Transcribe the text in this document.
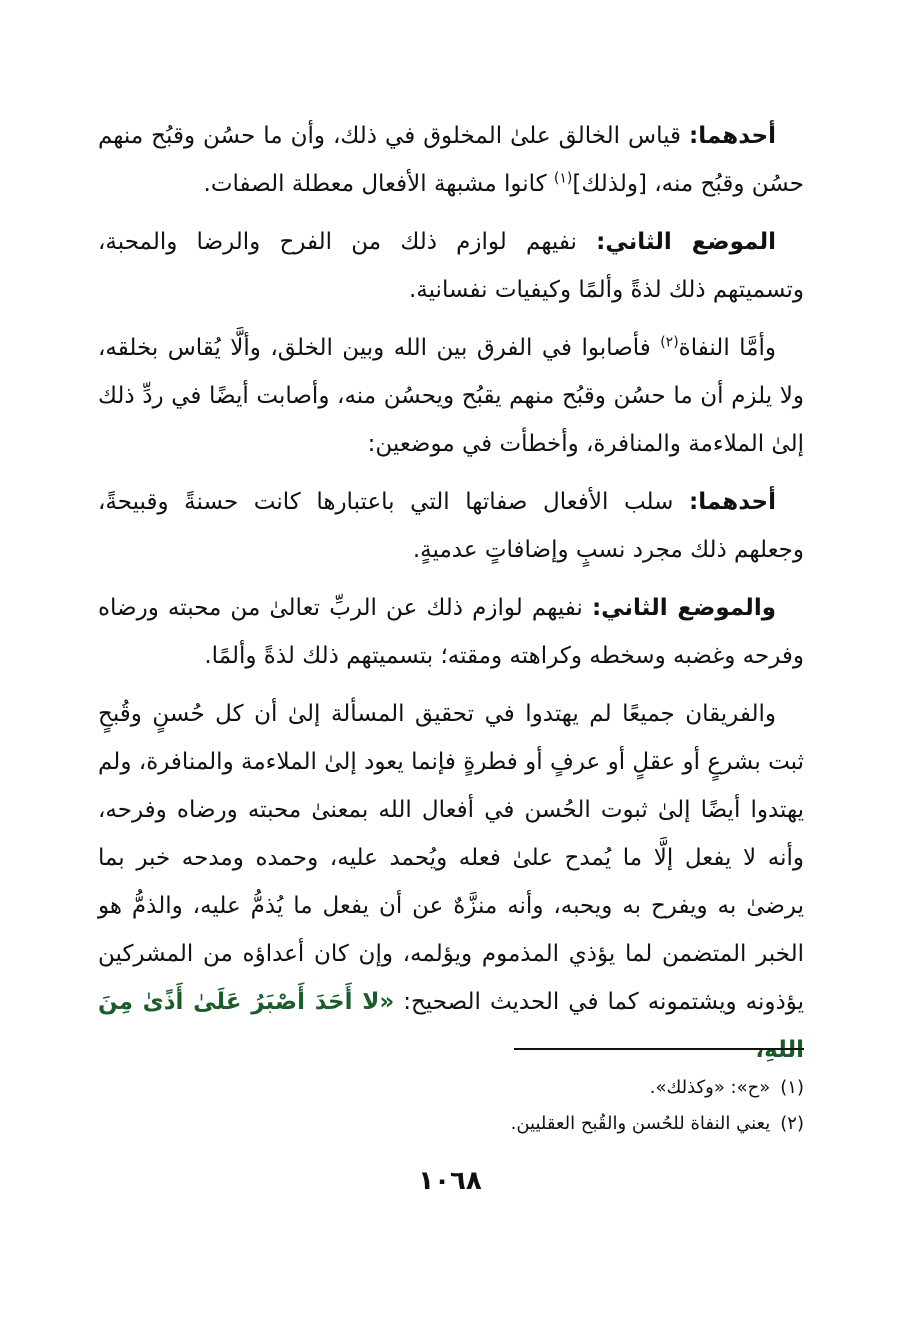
أحدهما: قياس الخالق علىٰ المخلوق في ذلك، وأن ما حسُن وقبُح منهم حسُن وقبُح منه، [ولذلك]$^{(١)}$ كانوا مشبهة الأفعال معطلة الصفات.

الموضع الثاني: نفيهم لوازم ذلك من الفرح والرضا والمحبة، وتسميتهم ذلك لذةً وألمًا وكيفيات نفسانية.

وأمَّا النفاة$^{(٢)}$ فأصابوا في الفرق بين الله وبين الخلق، وألَّا يُقاس بخلقه، ولا يلزم أن ما حسُن وقبُح منهم يقبُح ويحسُن منه، وأصابت أيضًا في ردِّ ذلك إلىٰ الملاءمة والمنافرة، وأخطأت في موضعين:

أحدهما: سلب الأفعال صفاتها التي باعتبارها كانت حسنةً وقبيحةً، وجعلهم ذلك مجرد نسبٍ وإضافاتٍ عدميةٍ.

والموضع الثاني: نفيهم لوازم ذلك عن الربِّ تعالىٰ من محبته ورضاه وفرحه وغضبه وسخطه وكراهته ومقته؛ بتسميتهم ذلك لذةً وألمًا.

والفريقان جميعًا لم يهتدوا في تحقيق المسألة إلىٰ أن كل حُسنٍ وقُبحٍ ثبت بشرعٍ أو عقلٍ أو عرفٍ أو فطرةٍ فإنما يعود إلىٰ الملاءمة والمنافرة، ولم يهتدوا أيضًا إلىٰ ثبوت الحُسن في أفعال الله بمعنىٰ محبته ورضاه وفرحه، وأنه لا يفعل إلَّا ما يُمدح علىٰ فعله ويُحمد عليه، وحمده ومدحه خبر بما يرضىٰ به ويفرح به ويحبه، وأنه منزَّهٌ عن أن يفعل ما يُذمُّ عليه، والذمُّ هو الخبر المتضمن لما يؤذي المذموم ويؤلمه، وإن كان أعداؤه من المشركين يؤذونه ويشتمونه كما في الحديث الصحيح: «لا أَحَدَ أَصْبَرُ عَلَىٰ أَذًىٰ مِنَ اللهِ،

(١)«ح»: «وكذلك».

(٢)يعني النفاة للحُسن والقُبح العقليين.

١٠٦٨
